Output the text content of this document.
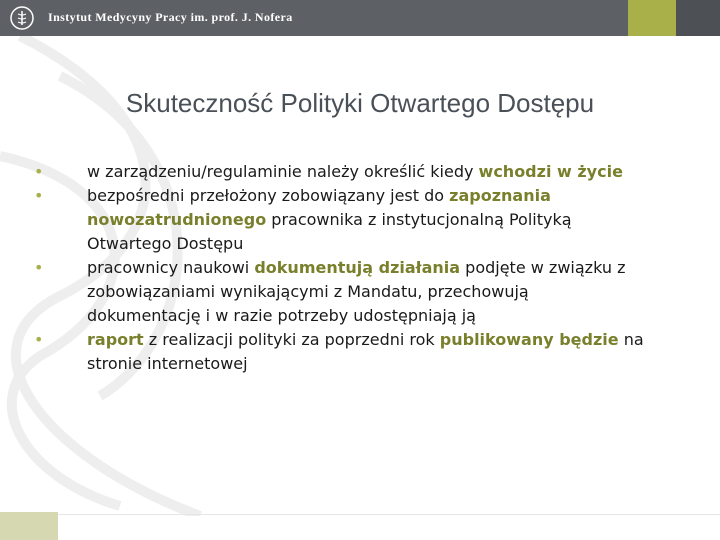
Instytut Medycyny Pracy im. prof. J. Nofera
Skuteczność Polityki Otwartego Dostępu
•	w zarządzeniu/regulaminie należy określić kiedy wchodzi w życie
•	bezpośredni przełożony zobowiązany jest do zapoznania nowozatrudnionego pracownika z instytucjonalną Polityką Otwartego Dostępu
•	pracownicy naukowi dokumentują działania podjęte w związku z zobowiązaniami wynikającymi z Mandatu, przechowują dokumentację i w razie potrzeby udostępniają ją
•	raport z realizacji polityki za poprzedni rok publikowany będzie na stronie internetowej
